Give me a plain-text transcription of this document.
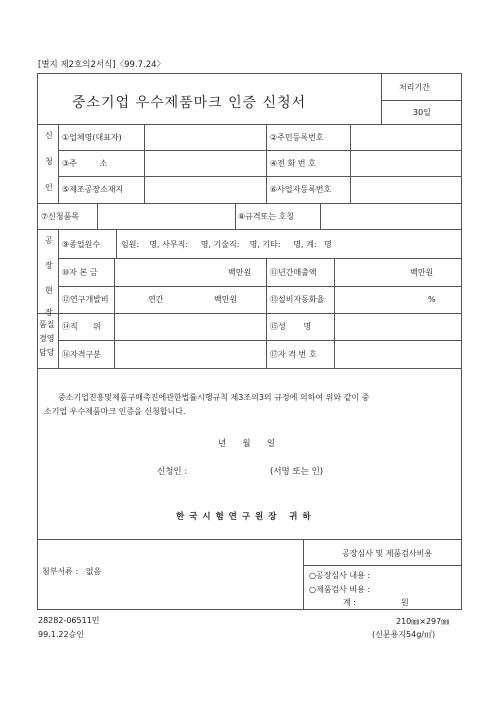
[별지 제2호의2서식]〈99.7.24〉
중소기업 우수제품마크 인증 신청서
처리기간
30일
신
청
인
①업체명(대표자)	②주민등록번호
③주         소	④전 화 번 호
⑤제조공장소재지	⑥사업자등록번호
⑦신청품목	⑧규격또는 호칭
공
장
현
장
⑨종업원수	임원:    명, 사무직:     명, 기술직:    명, 기타:     명, 계:   명
⑩자 본 금	백만원 ⑪년간매출액	백만원
⑫연구개발비	연간	백만원	⑬설비자동화율	%
품질
경영
담당
⑭직      위	⑮성       명
⑯자격구분	⑰자 격 번 호
중소기업진흥및제품구매촉진에관한법률시행규칙 제3조의3의 규정에 의하여 위와 같이 중
소기업 우수제품마크 인증을 신청합니다.
년      월      일
신청인 :	(서명 또는 인)
한 국 시 험 연 구 원 장   귀 하
첨부서류 :   없음
공장심사 및 제품검사비용
○공장심사 내용 :
○제품검사 비용 :
계 :	원
28282-06511민
99.1.22승인
210㎜×297㎜
(신문용지54g/㎡)
